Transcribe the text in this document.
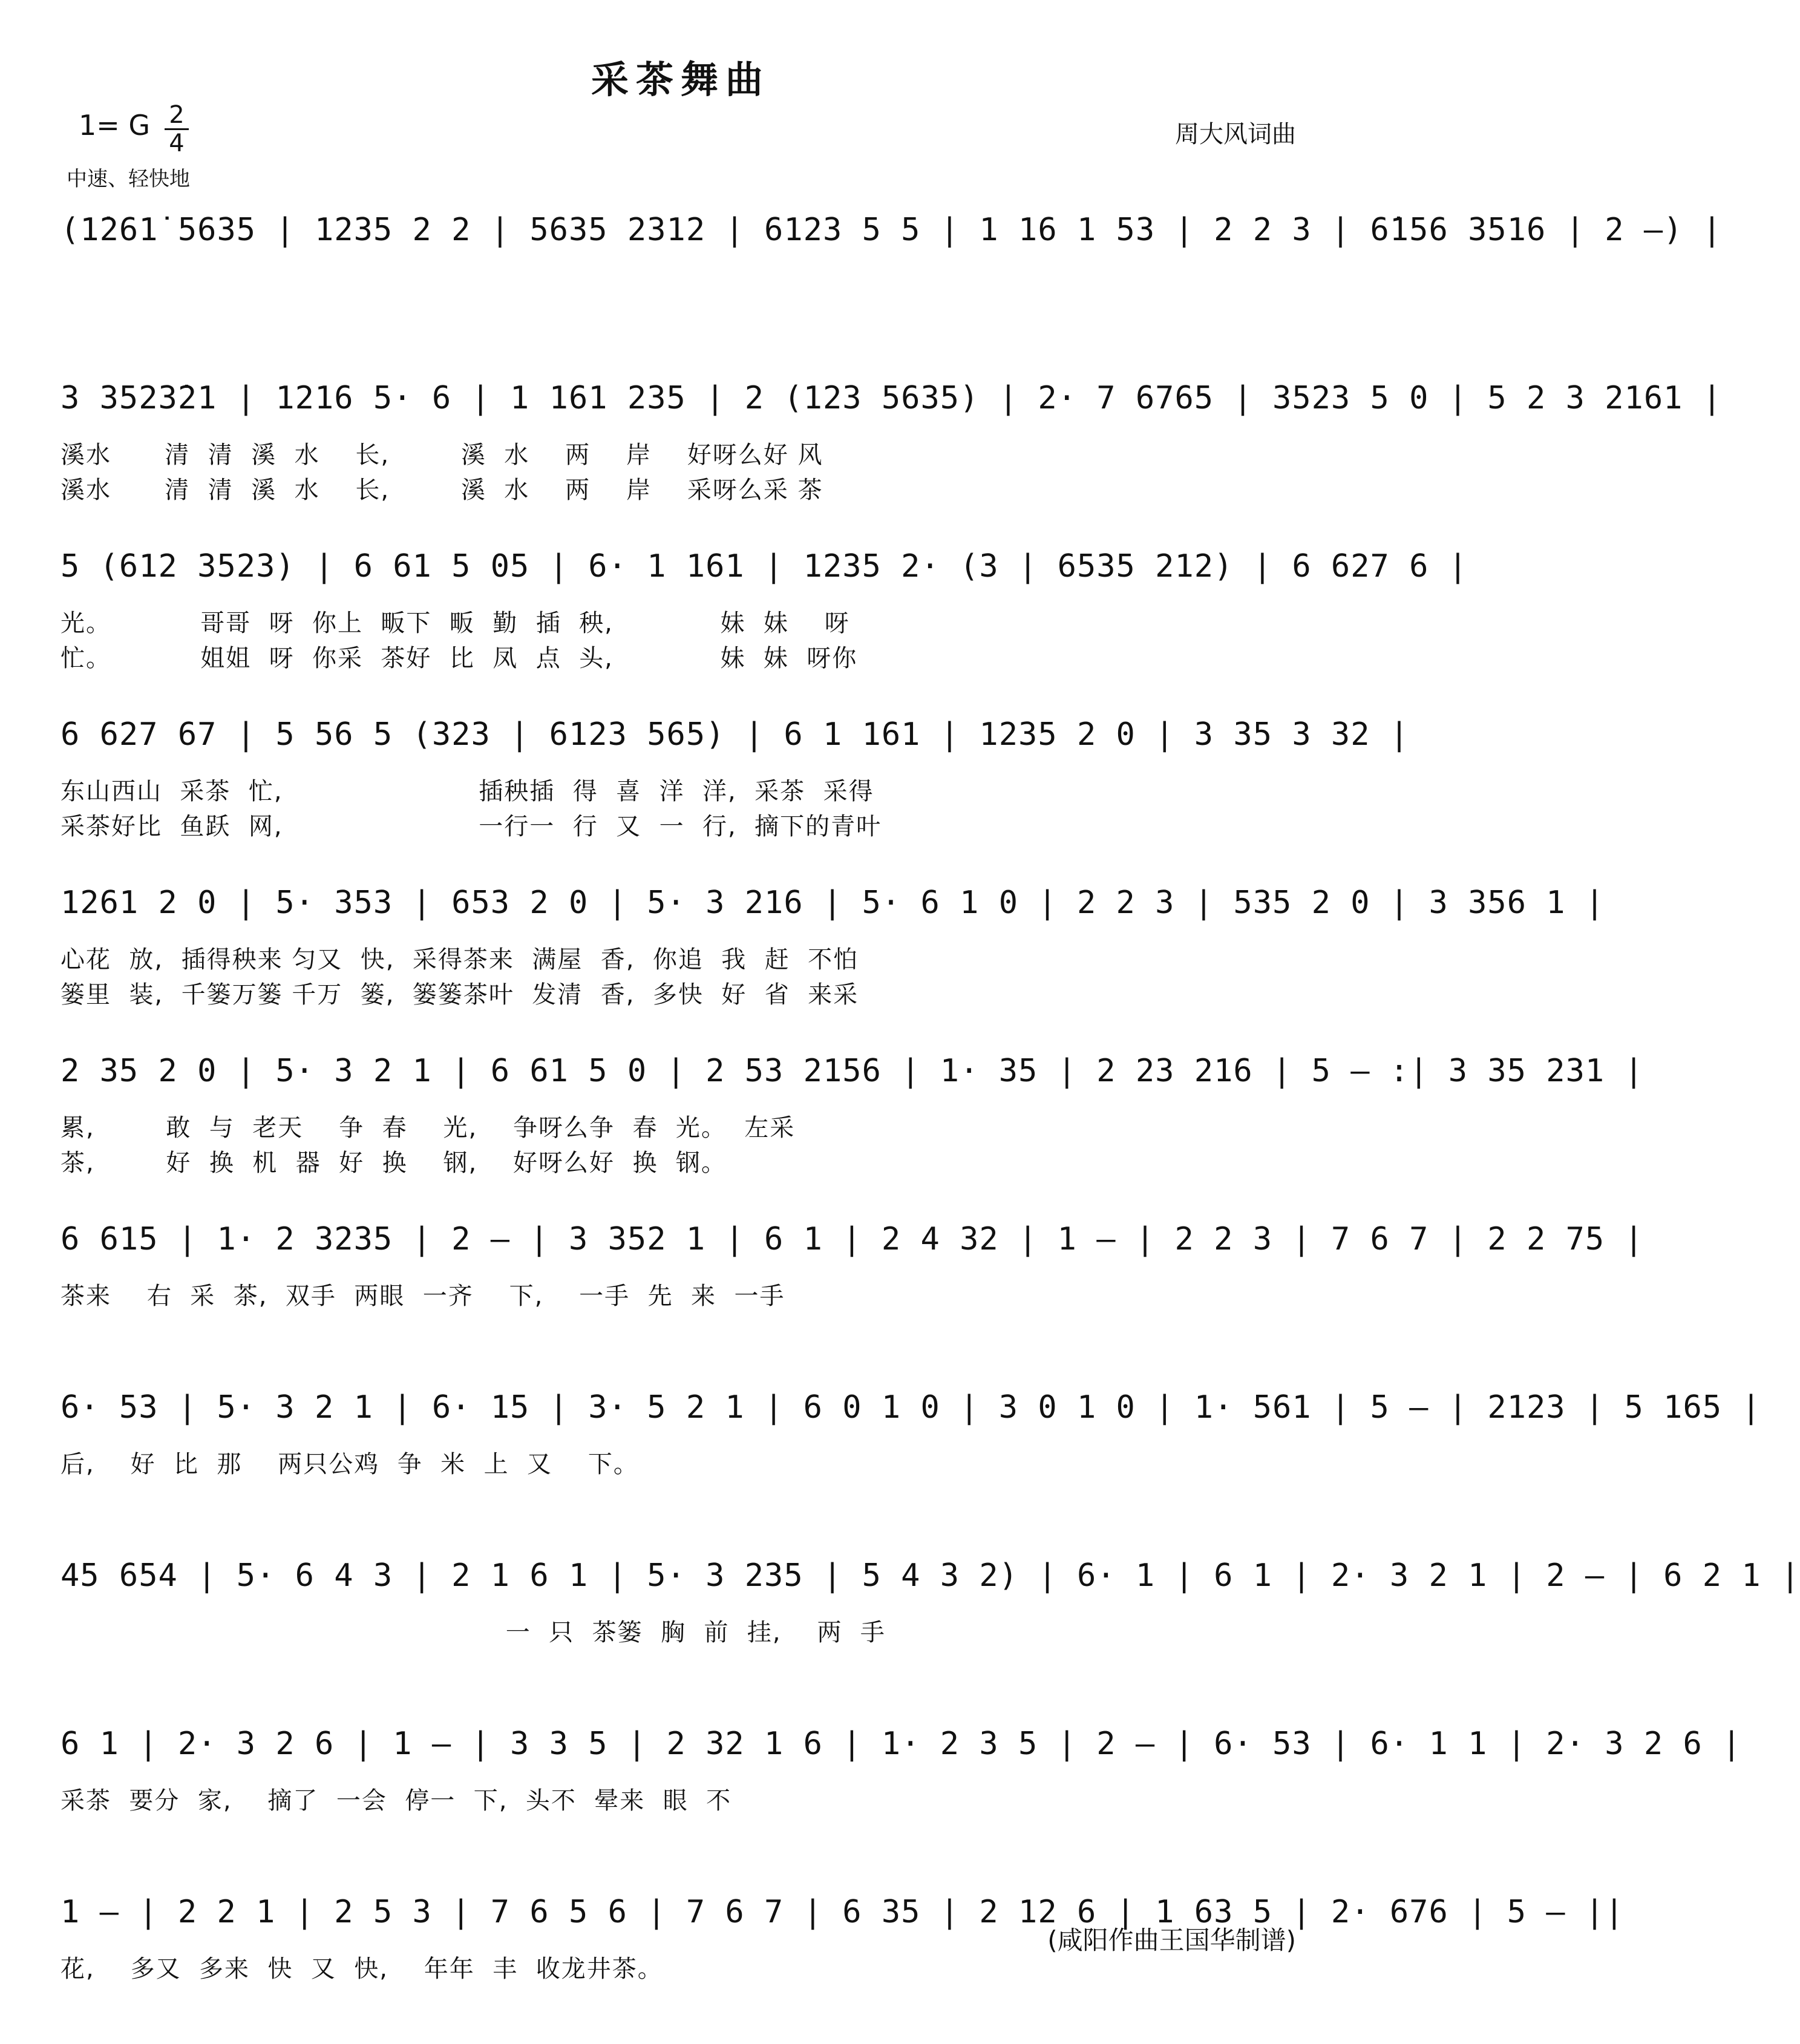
采茶舞曲
1= G $\frac{2}{4}$
中速、轻快地
周大风词曲
(1̇261̇ 5635 | 1235 2 2 | 5635 2312 | 6123 5 5 | 1 16 1 53 | 2 2 3 | 6̇156 3516 | 2 —) |
3 3523̇21 | 1216 5· 6 | 1 161 235 | 2 (123 5635) | 2· 7 6765 | 3523 5 0 | 5 2 3 2161 |
溪水      清  清  溪  水    长,        溪  水    两    岸    好呀么好 风
溪水      清  清  溪  水    长,        溪  水    两    岸    采呀么采 茶
5 (612 3523) | 6 61 5 05 | 6· 1 161 | 1235 2· (3 | 6535 212) | 6 627 6 |
光。          哥哥  呀  你上  畈下  畈  勤  插  秧,            妹  妹    呀
忙。          姐姐  呀  你采  茶好  比  凤  点  头,            妹  妹  呀你
6 627 67 | 5 56 5 (323 | 6123 565) | 6 1 161 | 1235 2 0 | 3 35 3 32 |
东山西山  采茶  忙,                      插秧插  得  喜  洋  洋,  采茶  采得
采茶好比  鱼跃  网,                      一行一  行  又  一  行,  摘下的青叶
1261 2 0 | 5· 353 | 653 2 0 | 5· 3 216 | 5· 6 1 0 | 2 2 3 | 535 2 0 | 3 356 1 |
心花  放,  插得秧来 匀又  快,  采得茶来  满屋  香,  你追  我  赶  不怕
篓里  装,  千篓万篓 千万  篓,  篓篓茶叶  发清  香,  多快  好  省  来采
2 35 2 0 | 5· 3 2 1 | 6 61 5 0 | 2 53 2156 | 1· 35 | 2 23 216 | 5 — :| 3 35 231 |
累,        敢  与  老天    争  春    光,    争呀么争  春  光。  左采
茶,        好  换  机  器  好  换    钢,    好呀么好  换  钢。
6 615 | 1· 2 3235 | 2 — | 3 352 1 | 6 1 | 2 4 32 | 1 — | 2 2 3 | 7 6 7 | 2 2 75 |
茶来    右  采  茶,  双手  两眼  一齐    下,    一手  先  来  一手
6· 53 | 5· 3 2 1 | 6· 15 | 3· 5 2 1 | 6 0 1 0 | 3 0 1 0 | 1· 561 | 5 — | 2123 | 5 165 |
后,    好  比  那    两只公鸡  争  米  上  又    下。
45 654 | 5· 6 4 3 | 2 1 6 1 | 5· 3 235 | 5 4 3 2) | 6· 1 | 6 1 | 2· 3 2 1 | 2 — | 6 2 1 |
一  只  茶篓  胸  前  挂,    两  手
6 1 | 2· 3 2 6 | 1 — | 3 3 5 | 2 32 1 6 | 1· 2 3 5 | 2 — | 6· 53 | 6· 1 1 | 2· 3 2 6 |
采茶  要分  家,    摘了  一会  停一  下,  头不  晕来  眼  不
1 — | 2 2 1 | 2 5 3 | 7 6 5 6 | 7 6 7 | 6 35 | 2 12 6 | 1 63 5 | 2· 676 | 5 — ||
花,    多又  多来  快  又  快,    年年  丰  收龙井茶。
(咸阳作曲王国华制谱)
